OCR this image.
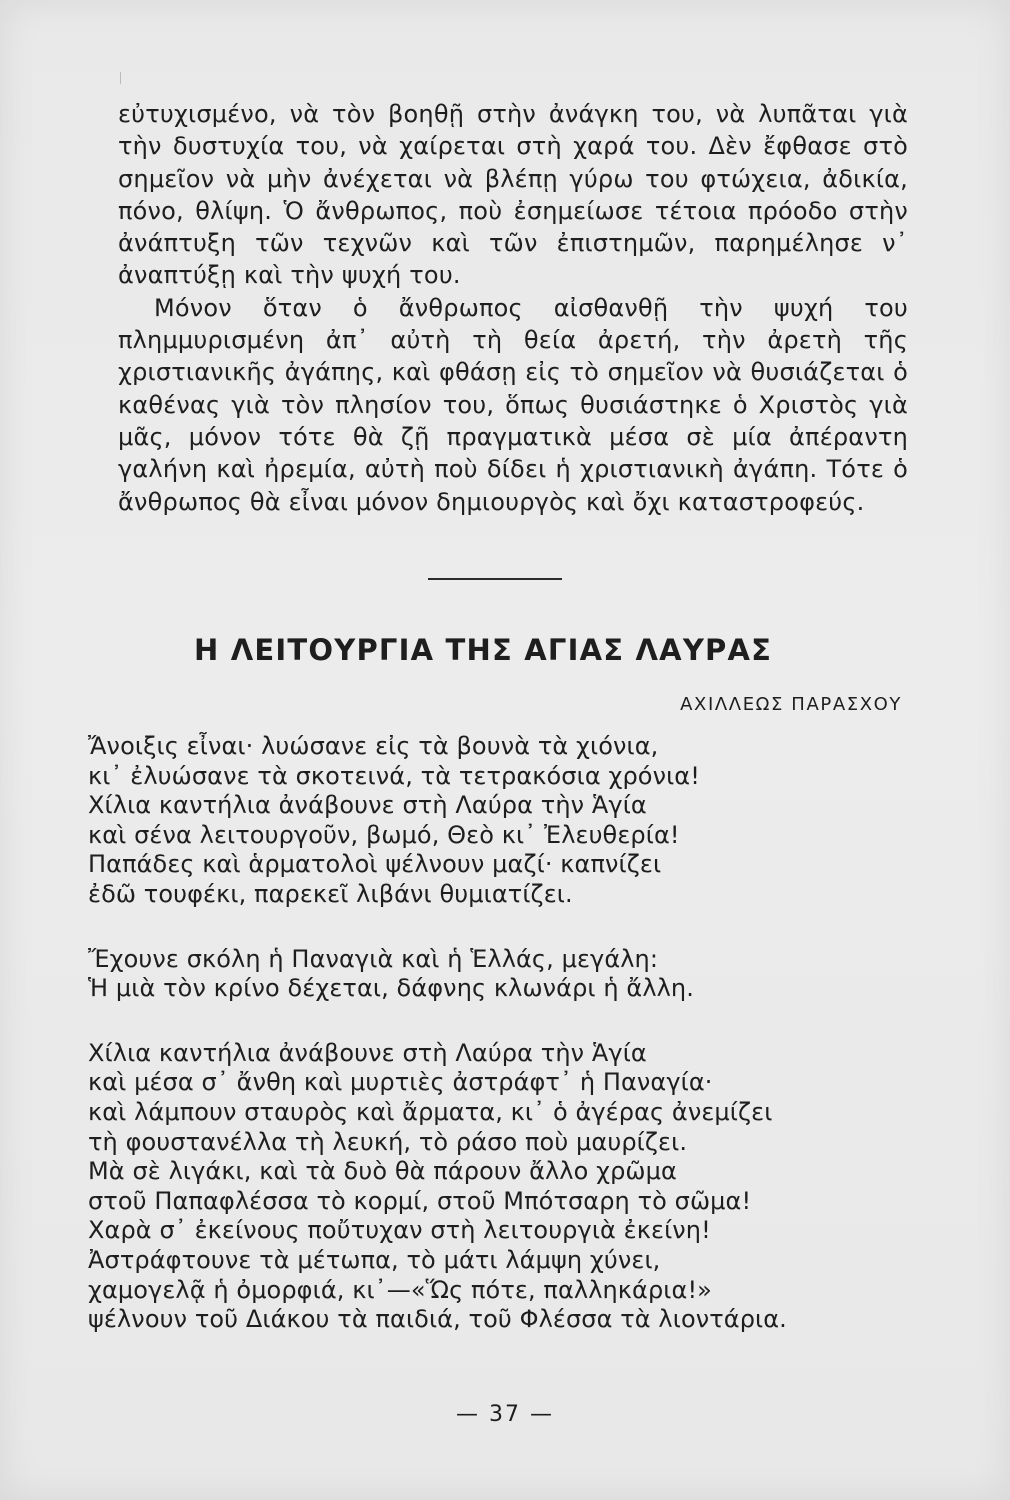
εὐτυχισμένο, νὰ τὸν βοηθῇ στὴν ἀνάγκη του, νὰ λυπᾶται γιὰ τὴν δυστυχία του, νὰ χαίρεται στὴ χαρά του. Δὲν ἔφθασε στὸ σημεῖον νὰ μὴν ἀνέχεται νὰ βλέπῃ γύρω του φτώχεια, ἀδικία, πόνο, θλίψη. Ὁ ἄνθρωπος, ποὺ ἐσημείωσε τέτοια πρόοδο στὴν ἀνάπτυξη τῶν τεχνῶν καὶ τῶν ἐπιστημῶν, παρημέλησε ν᾽ ἀναπτύξῃ καὶ τὴν ψυχή του.

Μόνον ὅταν ὁ ἄνθρωπος αἰσθανθῇ τὴν ψυχή του πλημμυρισμένη ἀπ᾽ αὐτὴ τὴ θεία ἀρετή, τὴν ἀρετὴ τῆς χριστιανικῆς ἀγάπης, καὶ φθάσῃ εἰς τὸ σημεῖον νὰ θυσιάζεται ὁ καθένας γιὰ τὸν πλησίον του, ὅπως θυσιάστηκε ὁ Χριστὸς γιὰ μᾶς, μόνον τότε θὰ ζῇ πραγματικὰ μέσα σὲ μία ἀπέραντη γαλήνη καὶ ἠρεμία, αὐτὴ ποὺ δίδει ἡ χριστιανικὴ ἀγάπη. Τότε ὁ ἄνθρωπος θὰ εἶναι μόνον δημιουργὸς καὶ ὄχι καταστροφεύς.

Η ΛΕΙΤΟΥΡΓΙΑ ΤΗΣ ΑΓΙΑΣ ΛΑΥΡΑΣ
ΑΧΙΛΛΕΩΣ ΠΑΡΑΣΧΟΥ
Ἄνοιξις εἶναι· λυώσανε εἰς τὰ βουνὰ τὰ χιόνια,
κι᾽ ἐλυώσανε τὰ σκοτεινά, τὰ τετρακόσια χρόνια!
Χίλια καντήλια ἀνάβουνε στὴ Λαύρα τὴν Ἁγία
καὶ σένα λειτουργοῦν, βωμό, Θεὸ κι᾽ Ἐλευθερία!
Παπάδες καὶ ἁρματολοὶ ψέλνουν μαζί· καπνίζει
ἐδῶ τουφέκι, παρεκεῖ λιβάνι θυμιατίζει.
Ἔχουνε σκόλη ἡ Παναγιὰ καὶ ἡ Ἑλλάς, μεγάλη:
Ἡ μιὰ τὸν κρίνο δέχεται, δάφνης κλωνάρι ἡ ἄλλη.
Χίλια καντήλια ἀνάβουνε στὴ Λαύρα τὴν Ἁγία
καὶ μέσα σ᾽ ἄνθη καὶ μυρτιὲς ἀστράφτ᾽ ἡ Παναγία·
καὶ λάμπουν σταυρὸς καὶ ἄρματα, κι᾽ ὁ ἀγέρας ἀνεμίζει
τὴ φουστανέλλα τὴ λευκή, τὸ ράσο ποὺ μαυρίζει.
Μὰ σὲ λιγάκι, καὶ τὰ δυὸ θὰ πάρουν ἄλλο χρῶμα
στοῦ Παπαφλέσσα τὸ κορμί, στοῦ Μπότσαρη τὸ σῶμα!
Χαρὰ σ᾽ ἐκείνους ποὔτυχαν στὴ λειτουργιὰ ἐκείνη!
Ἀστράφτουνε τὰ μέτωπα, τὸ μάτι λάμψη χύνει,
χαμογελᾷ ἡ ὀμορφιά, κι᾽—«Ὥς πότε, παλληκάρια!»
ψέλνουν τοῦ Διάκου τὰ παιδιά, τοῦ Φλέσσα τὰ λιοντάρια.
— 37 —
